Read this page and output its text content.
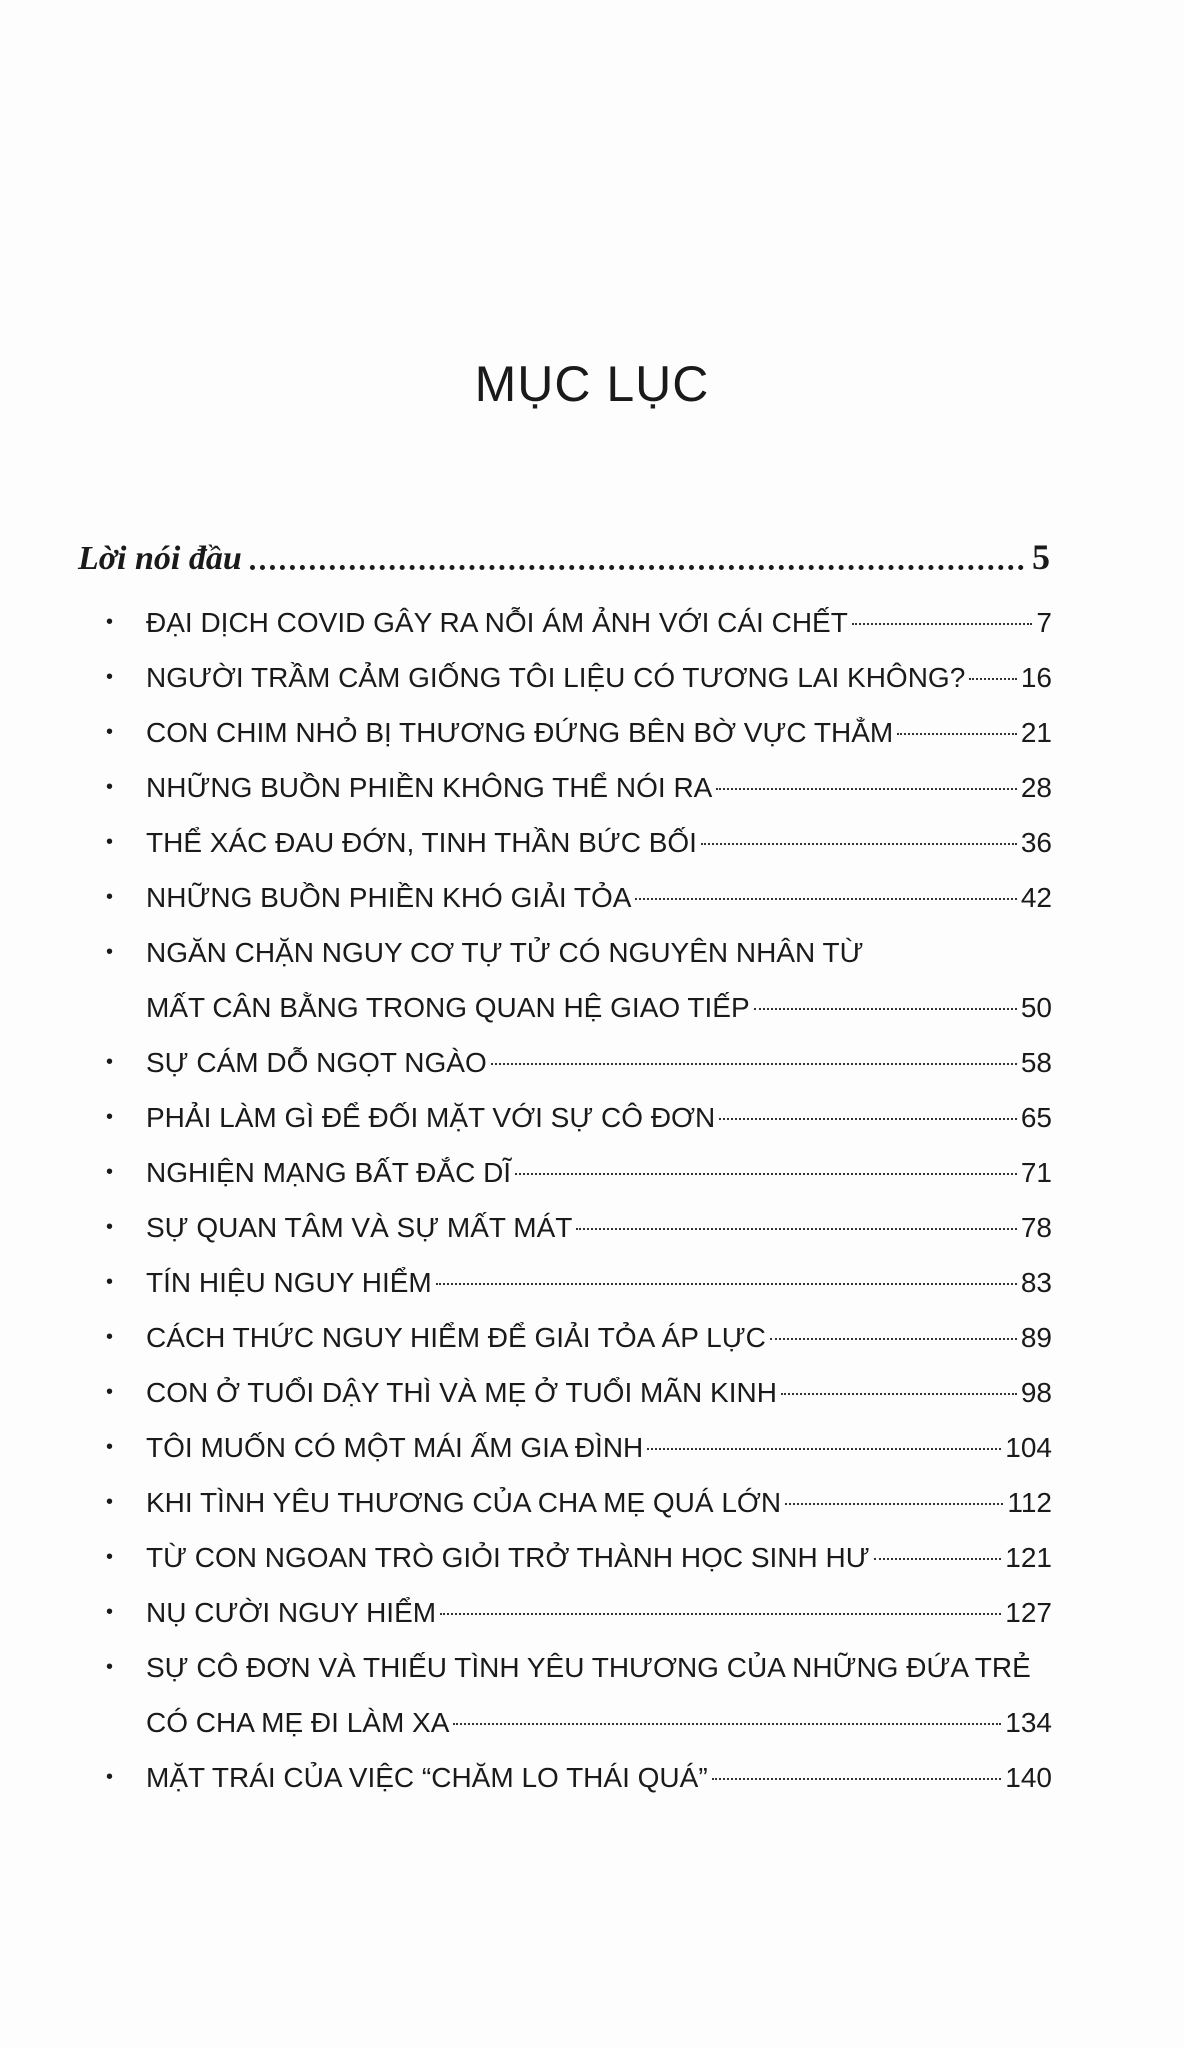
MỤC LỤC
Lời nói đầu	5
• ĐẠI DỊCH COVID GÂY RA NỖI ÁM ẢNH VỚI CÁI CHẾT	7
• NGƯỜI TRẦM CẢM GIỐNG TÔI LIỆU CÓ TƯƠNG LAI KHÔNG? 16
• CON CHIM NHỎ BỊ THƯƠNG ĐỨNG BÊN BỜ VỰC THẲM	21
• NHỮNG BUỒN PHIỀN KHÔNG THỂ NÓI RA	28
• THỂ XÁC ĐAU ĐỚN, TINH THẦN BỨC BỐI	36
• NHỮNG BUỒN PHIỀN KHÓ GIẢI TỎA	42
• NGĂN CHẶN NGUY CƠ TỰ TỬ CÓ NGUYÊN NHÂN TỪ
MẤT CÂN BẰNG TRONG QUAN HỆ GIAO TIẾP	50
• SỰ CÁM DỖ NGỌT NGÀO	58
• PHẢI LÀM GÌ ĐỂ ĐỐI MẶT VỚI SỰ CÔ ĐƠN	65
• NGHIỆN MẠNG BẤT ĐẮC DĨ	71
• SỰ QUAN TÂM VÀ SỰ MẤT MÁT	78
• TÍN HIỆU NGUY HIỂM	83
• CÁCH THỨC NGUY HIỂM ĐỂ GIẢI TỎA ÁP LỰC	89
• CON Ở TUỔI DẬY THÌ VÀ MẸ Ở TUỔI MÃN KINH	98
• TÔI MUỐN CÓ MỘT MÁI ẤM GIA ĐÌNH	104
• KHI TÌNH YÊU THƯƠNG CỦA CHA MẸ QUÁ LỚN	112
• TỪ CON NGOAN TRÒ GIỎI TRỞ THÀNH HỌC SINH HƯ	121
• NỤ CƯỜI NGUY HIỂM	127
• SỰ CÔ ĐƠN VÀ THIẾU TÌNH YÊU THƯƠNG CỦA NHỮNG ĐỨA TRẺ
CÓ CHA MẸ ĐI LÀM XA	134
• MẶT TRÁI CỦA VIỆC “CHĂM LO THÁI QUÁ”	140
